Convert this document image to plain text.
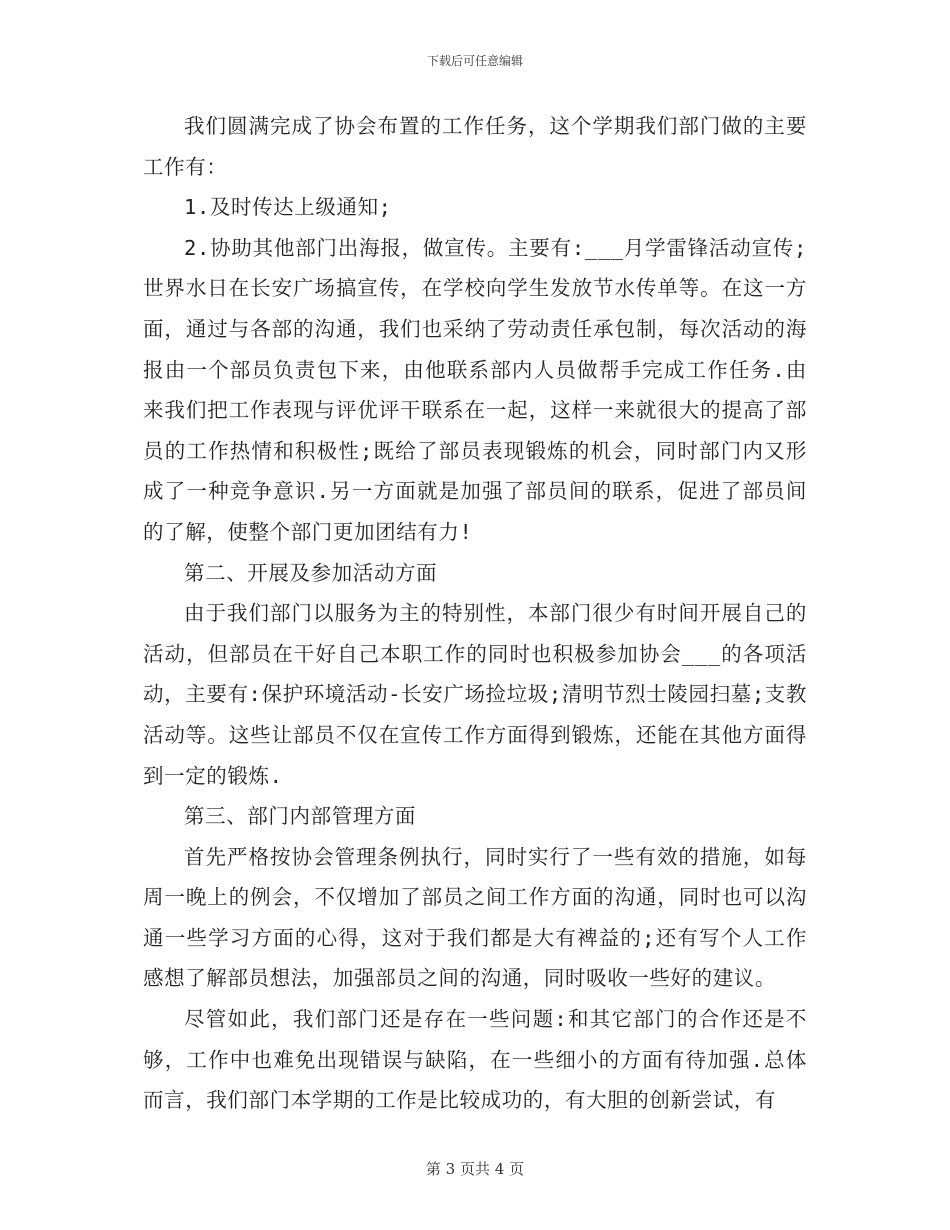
下载后可任意编辑

我们圆满完成了协会布置的工作任务，这个学期我们部门做的主要工作有：

1.及时传达上级通知;

2.协助其他部门出海报，做宣传。主要有:___月学雷锋活动宣传;世界水日在长安广场搞宣传，在学校向学生发放节水传单等。在这一方面，通过与各部的沟通，我们也采纳了劳动责任承包制，每次活动的海报由一个部员负责包下来，由他联系部内人员做帮手完成工作任务.由来我们把工作表现与评优评干联系在一起，这样一来就很大的提高了部员的工作热情和积极性;既给了部员表现锻炼的机会，同时部门内又形成了一种竞争意识.另一方面就是加强了部员间的联系，促进了部员间的了解，使整个部门更加团结有力!

第二、开展及参加活动方面

由于我们部门以服务为主的特别性，本部门很少有时间开展自己的活动，但部员在干好自己本职工作的同时也积极参加协会___的各项活动，主要有:保护环境活动-长安广场捡垃圾;清明节烈士陵园扫墓;支教活动等。这些让部员不仅在宣传工作方面得到锻炼，还能在其他方面得到一定的锻炼.

第三、部门内部管理方面

首先严格按协会管理条例执行，同时实行了一些有效的措施，如每周一晚上的例会，不仅增加了部员之间工作方面的沟通，同时也可以沟通一些学习方面的心得，这对于我们都是大有裨益的;还有写个人工作感想了解部员想法，加强部员之间的沟通，同时吸收一些好的建议。

尽管如此，我们部门还是存在一些问题:和其它部门的合作还是不够，工作中也难免出现错误与缺陷，在一些细小的方面有待加强.总体而言，我们部门本学期的工作是比较成功的，有大胆的创新尝试，有

第 3 页共 4 页
